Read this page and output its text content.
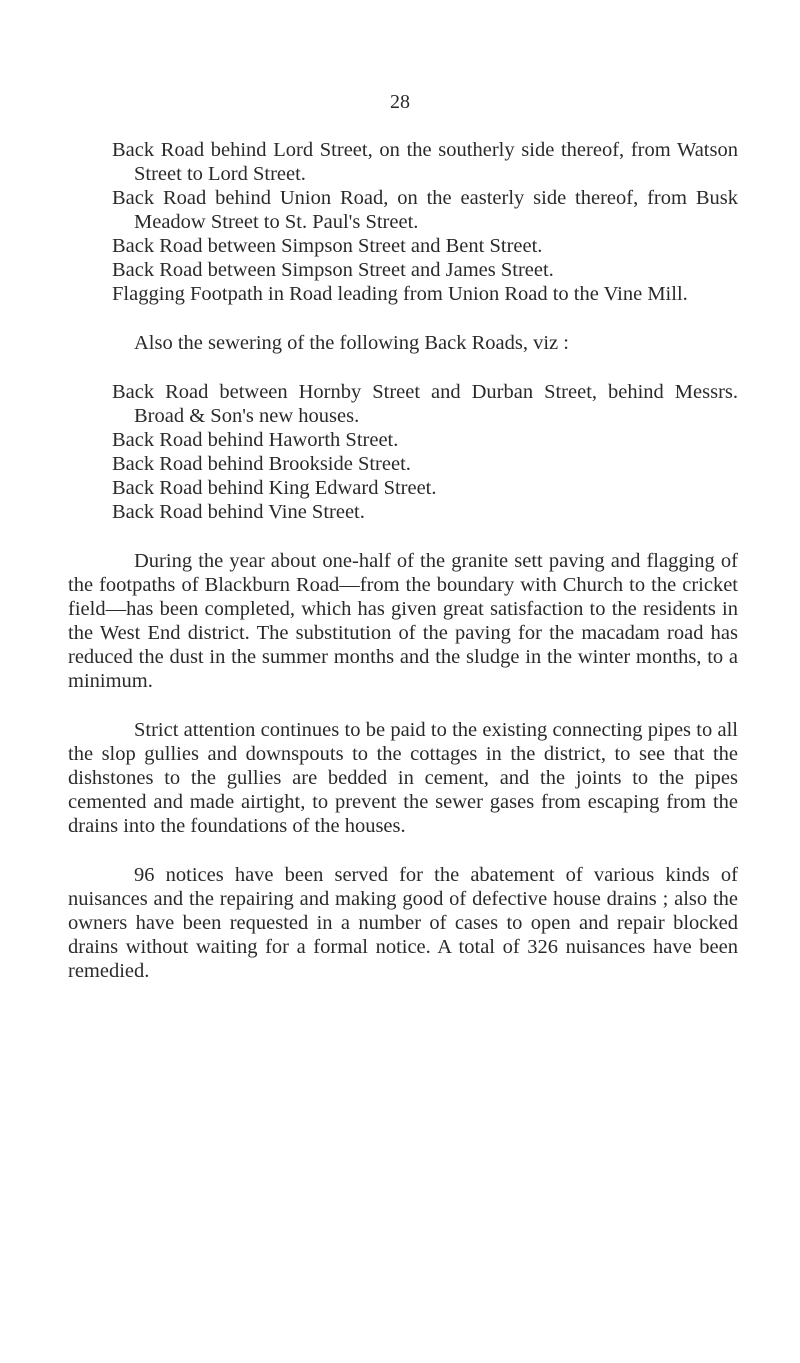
28
Back Road behind Lord Street, on the southerly side thereof, from Watson Street to Lord Street.
Back Road behind Union Road, on the easterly side thereof, from Busk Meadow Street to St. Paul's Street.
Back Road between Simpson Street and Bent Street.
Back Road between Simpson Street and James Street.
Flagging Footpath in Road leading from Union Road to the Vine Mill.
Also the sewering of the following Back Roads, viz :
Back Road between Hornby Street and Durban Street, behind Messrs. Broad & Son's new houses.
Back Road behind Haworth Street.
Back Road behind Brookside Street.
Back Road behind King Edward Street.
Back Road behind Vine Street.

During the year about one-half of the granite sett paving and flagging of the footpaths of Blackburn Road—from the boundary with Church to the cricket field—has been completed, which has given great satisfaction to the residents in the West End district. The substitution of the paving for the macadam road has reduced the dust in the summer months and the sludge in the winter months, to a minimum.

Strict attention continues to be paid to the existing connecting pipes to all the slop gullies and downspouts to the cottages in the district, to see that the dishstones to the gullies are bedded in cement, and the joints to the pipes cemented and made airtight, to prevent the sewer gases from escaping from the drains into the foundations of the houses.

96 notices have been served for the abatement of various kinds of nuisances and the repairing and making good of defective house drains ; also the owners have been requested in a number of cases to open and repair blocked drains without waiting for a formal notice. A total of 326 nuisances have been remedied.
